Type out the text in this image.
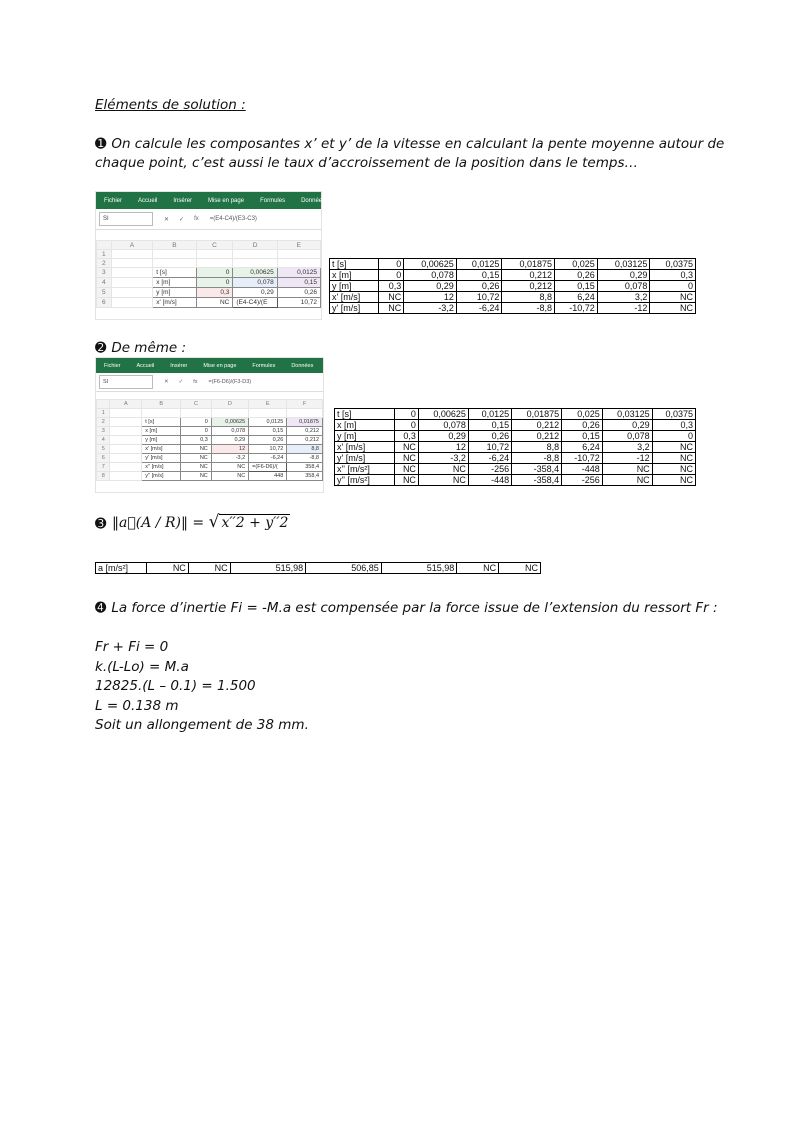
Eléments de solution :
➊ On calcule les composantes x’ et y’ de la vitesse en calculant la pente moyenne autour de
chaque point, c’est aussi le taux d’accroissement de la position dans le temps…
Fichier	Accueil	Insérer	Mise en page	Formules	Données
SI	✕ ✓ fx =(E4-C4)/(E3-C3)
	A	B	C	D	E
1					
2					
3		t [s]	0	0,00625	0,0125
4		x [m]	0	0,078	0,15
5		y [m]	0,3	0,29	0,26
6		x' [m/s]	NC	(E4-C4)/(E	10,72
t [s]	0	0,00625	0,0125	0,01875	0,025	0,03125	0,0375
x [m]	0	0,078	0,15	0,212	0,26	0,29	0,3
y [m]	0,3	0,29	0,26	0,212	0,15	0,078	0
x' [m/s]	NC	12	10,72	8,8	6,24	3,2	NC
y' [m/s]	NC	-3,2	-6,24	-8,8	-10,72	-12	NC
➋ De même :
Fichier	Accueil	Insérer	Mise en page	Formules	Données	Révision
SI	✕ ✓ fx =(F6-D6)/(F3-D3)
	A	B	C	D	E	F
1						
2		t [s]	0	0,00625	0,0125	0,01875
3		x [m]	0	0,078	0,15	0,212
4		y [m]	0,3	0,29	0,26	0,212
5		x' [m/s]	NC	12	10,72	8,8
6		y' [m/s]	NC	-3,2	-6,24	-8,8
7		x'' [m/s]	NC	NC	=(F6-D6)/(	358,4
8		y'' [m/s]	NC	NC	448	358,4
t [s]	0	0,00625	0,0125	0,01875	0,025	0,03125	0,0375
x [m]	0	0,078	0,15	0,212	0,26	0,29	0,3
y [m]	0,3	0,29	0,26	0,212	0,15	0,078	0
x' [m/s]	NC	12	10,72	8,8	6,24	3,2	NC
y' [m/s]	NC	-3,2	-6,24	-8,8	-10,72	-12	NC
x'' [m/s²]	NC	NC	-256	-358,4	-448	NC	NC
y'' [m/s²]	NC	NC	-448	-358,4	-256	NC	NC
➌ ‖a⃗(A / R)‖ = √ x′′2 + y′′2
a [m/s²]	NC	NC	515,98	506,85	515,98	NC	NC
➍ La force d’inertie Fi = -M.a est compensée par la force issue de l’extension du ressort Fr :
Fr + Fi = 0
k.(L-Lo) = M.a
12825.(L – 0.1) = 1.500
L = 0.138 m
Soit un allongement de 38 mm.
